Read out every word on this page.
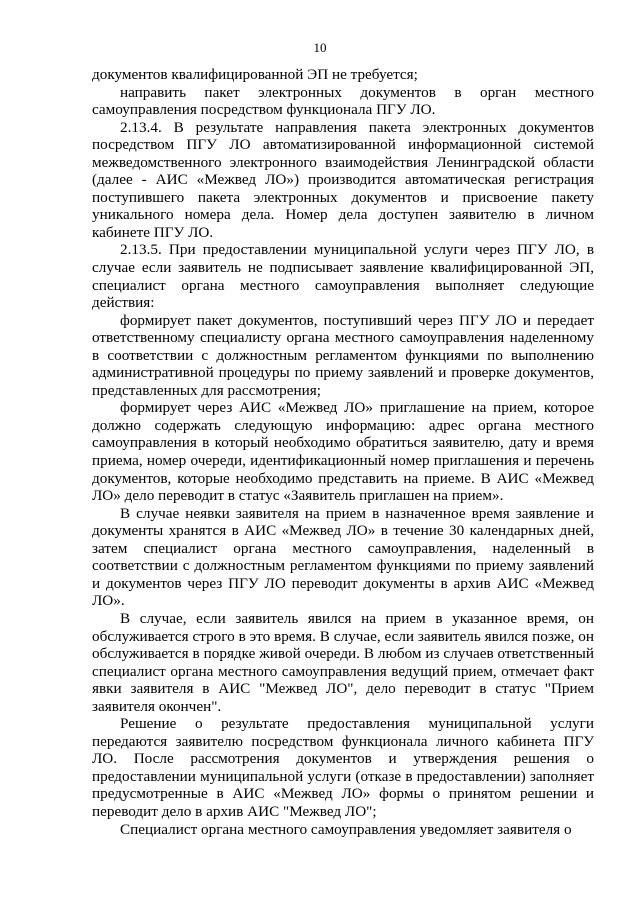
10

документов квалифицированной ЭП не требуется;

направить пакет электронных документов в орган местного самоуправления посредством функционала ПГУ ЛО.

2.13.4. В результате направления пакета электронных документов посредством ПГУ ЛО автоматизированной информационной системой межведомственного электронного взаимодействия Ленинградской области (далее - АИС «Межвед ЛО») производится автоматическая регистрация поступившего пакета электронных документов и присвоение пакету уникального номера дела. Номер дела доступен заявителю в личном кабинете ПГУ ЛО.

2.13.5. При предоставлении муниципальной услуги через ПГУ ЛО, в случае если заявитель не подписывает заявление квалифицированной ЭП, специалист органа местного самоуправления выполняет следующие действия:

формирует пакет документов, поступивший через ПГУ ЛО и передает ответственному специалисту органа местного самоуправления наделенному в соответствии с должностным регламентом функциями по выполнению административной процедуры по приему заявлений и проверке документов, представленных для рассмотрения;

формирует через АИС «Межвед ЛО» приглашение на прием, которое должно содержать следующую информацию: адрес органа местного самоуправления в который необходимо обратиться заявителю, дату и время приема, номер очереди, идентификационный номер приглашения и перечень документов, которые необходимо представить на приеме. В АИС «Межвед ЛО» дело переводит в статус «Заявитель приглашен на прием».

В случае неявки заявителя на прием в назначенное время заявление и документы хранятся в АИС «Межвед ЛО» в течение 30 календарных дней, затем специалист органа местного самоуправления, наделенный в соответствии с должностным регламентом функциями по приему заявлений и документов через ПГУ ЛО переводит документы в архив АИС «Межвед ЛО».

В случае, если заявитель явился на прием в указанное время, он обслуживается строго в это время. В случае, если заявитель явился позже, он обслуживается в порядке живой очереди. В любом из случаев ответственный специалист органа местного самоуправления ведущий прием, отмечает факт явки заявителя в АИС "Межвед ЛО", дело переводит в статус "Прием заявителя окончен".

Решение о результате предоставления муниципальной услуги передаются заявителю посредством функционала личного кабинета ПГУ ЛО. После рассмотрения документов и утверждения решения о предоставлении муниципальной услуги (отказе в предоставлении) заполняет предусмотренные в АИС «Межвед ЛО» формы о принятом решении и переводит дело в архив АИС "Межвед ЛО";

Специалист органа местного самоуправления уведомляет заявителя о
